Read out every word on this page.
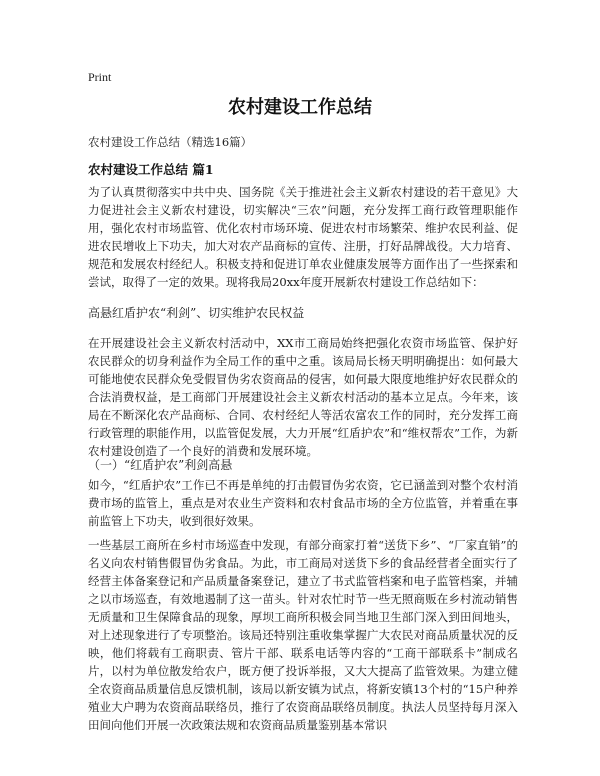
Print
农村建设工作总结
农村建设工作总结（精选16篇）
农村建设工作总结 篇1
为了认真贯彻落实中共中央、国务院《关于推进社会主义新农村建设的若干意见》大力促进社会主义新农村建设，切实解决“三农”问题，充分发挥工商行政管理职能作用，强化农村市场监管、优化农村市场环境、促进农村市场繁荣、维护农民利益、促进农民增收上下功夫，加大对农产品商标的宣传、注册，打好品牌战役。大力培育、规范和发展农村经纪人。积极支持和促进订单农业健康发展等方面作出了一些探索和尝试，取得了一定的效果。现将我局20xx年度开展新农村建设工作总结如下：
高悬红盾护农“利剑”、切实维护农民权益
在开展建设社会主义新农村活动中，XX市工商局始终把强化农资市场监管、保护好农民群众的切身利益作为全局工作的重中之重。该局局长杨天明明确提出：如何最大可能地使农民群众免受假冒伪劣农资商品的侵害，如何最大限度地维护好农民群众的合法消费权益，是工商部门开展建设社会主义新农村活动的基本立足点。今年来，该局在不断深化农产品商标、合同、农村经纪人等活农富农工作的同时，充分发挥工商行政管理的职能作用，以监管促发展，大力开展“红盾护农”和“维权帮农”工作，为新农村建设创造了一个良好的消费和发展环境。
（一）“红盾护农”利剑高悬
如今，“红盾护农”工作已不再是单纯的打击假冒伪劣农资，它已涵盖到对整个农村消费市场的监管上，重点是对农业生产资料和农村食品市场的全方位监管，并着重在事前监管上下功夫，收到很好效果。
一些基层工商所在乡村市场巡查中发现，有部分商家打着“送货下乡”、“厂家直销”的名义向农村销售假冒伪劣食品。为此，市工商局对送货下乡的食品经营者全面实行了经营主体备案登记和产品质量备案登记，建立了书式监管档案和电子监管档案，并辅之以市场巡查，有效地遏制了这一苗头。针对农忙时节一些无照商贩在乡村流动销售无质量和卫生保障食品的现象，厚坝工商所积极会同当地卫生部门深入到田间地头，对上述现象进行了专项整治。该局还特别注重收集掌握广大农民对商品质量状况的反映，他们将载有工商职责、管片干部、联系电话等内容的“工商干部联系卡”制成名片，以村为单位散发给农户，既方便了投诉举报，又大大提高了监管效果。为建立健全农资商品质量信息反馈机制，该局以新安镇为试点，将新安镇13个村的“15户种养殖业大户聘为农资商品联络员，推行了农资商品联络员制度。执法人员坚持每月深入田间向他们开展一次政策法规和农资商品质量鉴别基本常识
